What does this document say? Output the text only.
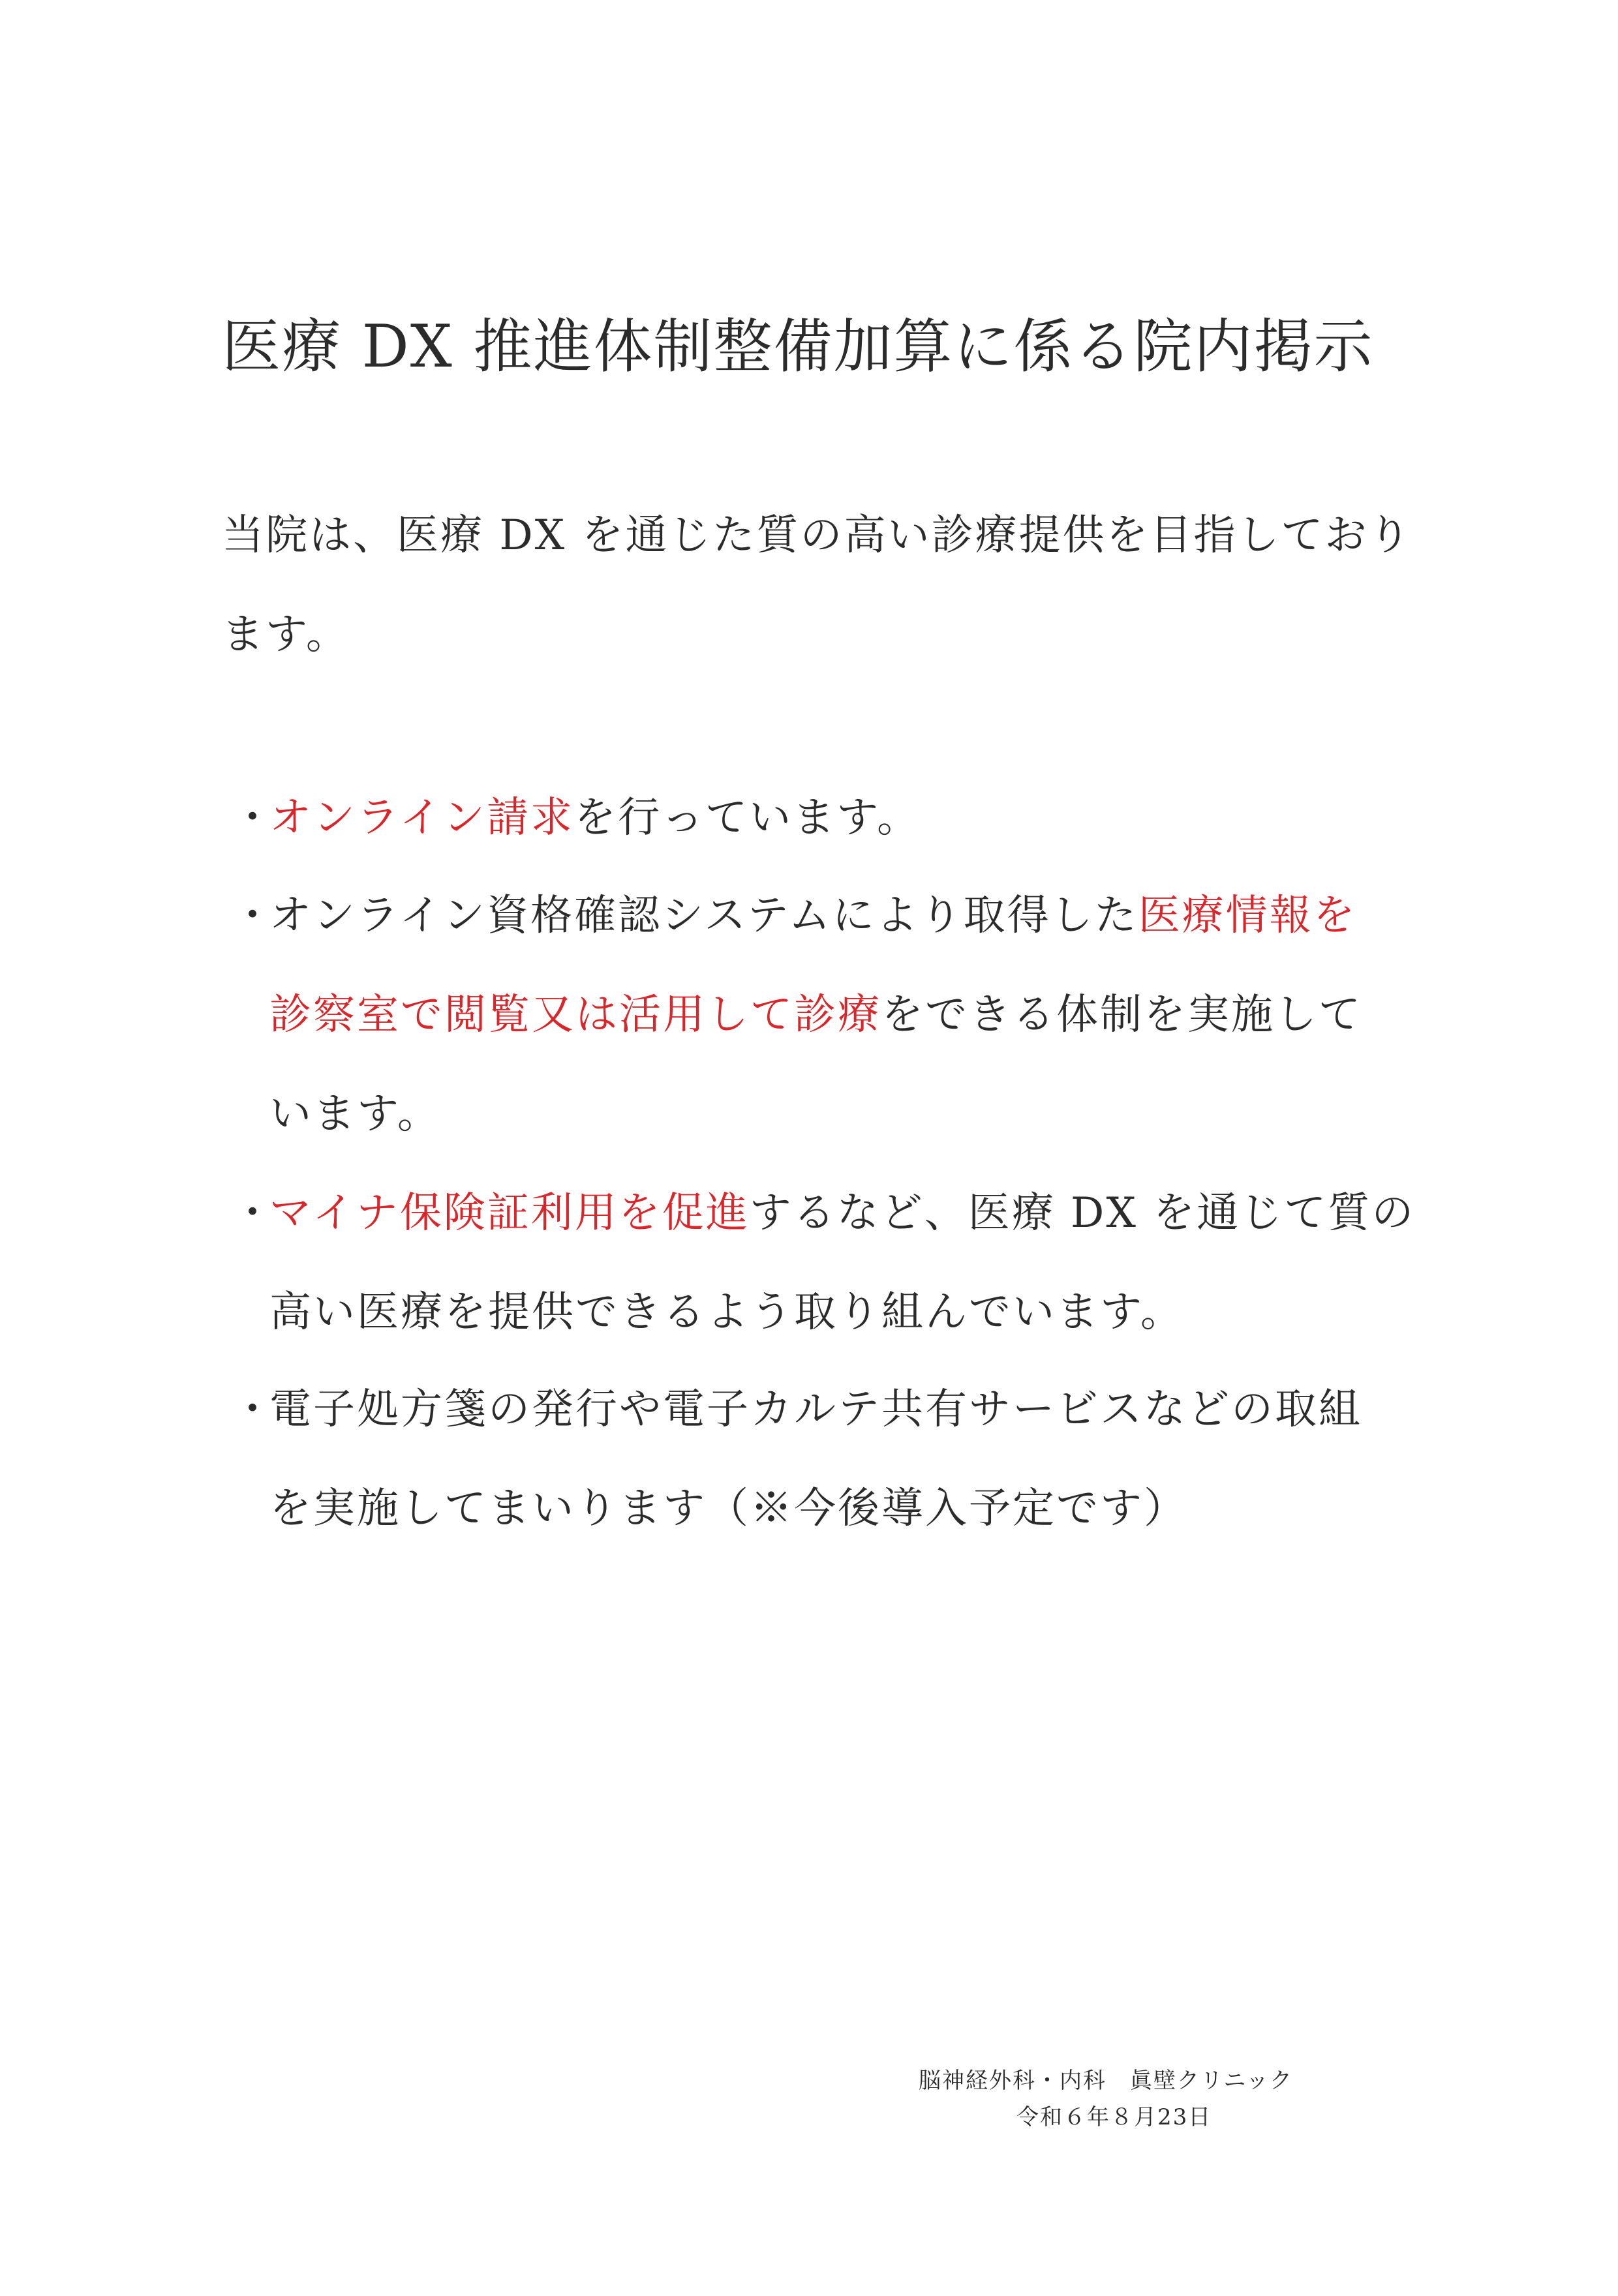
医療 DX 推進体制整備加算に係る院内掲示

当院は、医療 DX を通じた質の高い診療提供を目指しており
ます。

・
オンライン請求を行っています。
・
オンライン資格確認システムにより取得した医療情報を
診察室で閲覧又は活用して診療をできる体制を実施して
います。
・
マイナ保険証利用を促進するなど、医療 DX を通じて質の
高い医療を提供できるよう取り組んでいます。
・
電子処方箋の発行や電子カルテ共有サービスなどの取組
を実施してまいります（※今後導入予定です）
脳神経外科・内科　眞壁クリニック
令和６年８月23日
